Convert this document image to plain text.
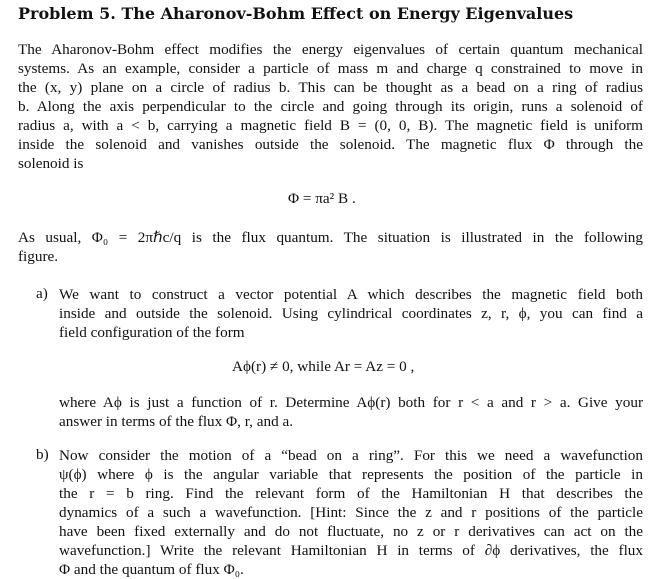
Problem 5. The Aharonov-Bohm Effect on Energy Eigenvalues
The Aharonov-Bohm effect modifies the energy eigenvalues of certain quantum mechanical
systems. As an example, consider a particle of mass m and charge q constrained to move in
the (x, y) plane on a circle of radius b. This can be thought as a bead on a ring of radius
b. Along the axis perpendicular to the circle and going through its origin, runs a solenoid of
radius a, with a < b, carrying a magnetic field B = (0, 0, B). The magnetic field is uniform
inside the solenoid and vanishes outside the solenoid. The magnetic flux Φ through the
solenoid is
Φ = πa² B .
As usual, Φ₀ = 2πℏc/q is the flux quantum. The situation is illustrated in the following
figure.
a) We want to construct a vector potential A which describes the magnetic field both
inside and outside the solenoid. Using cylindrical coordinates z, r, ϕ, you can find a
field configuration of the form
Aϕ(r) ≠ 0, while Ar = Az = 0 ,
where Aϕ is just a function of r. Determine Aϕ(r) both for r < a and r > a. Give your
answer in terms of the flux Φ, r, and a.
b) Now consider the motion of a “bead on a ring”. For this we need a wavefunction
ψ(ϕ) where ϕ is the angular variable that represents the position of the particle in
the r = b ring. Find the relevant form of the Hamiltonian H that describes the
dynamics of a such a wavefunction. [Hint: Since the z and r positions of the particle
have been fixed externally and do not fluctuate, no z or r derivatives can act on the
wavefunction.] Write the relevant Hamiltonian H in terms of ∂ϕ derivatives, the flux
Φ and the quantum of flux Φ₀.
